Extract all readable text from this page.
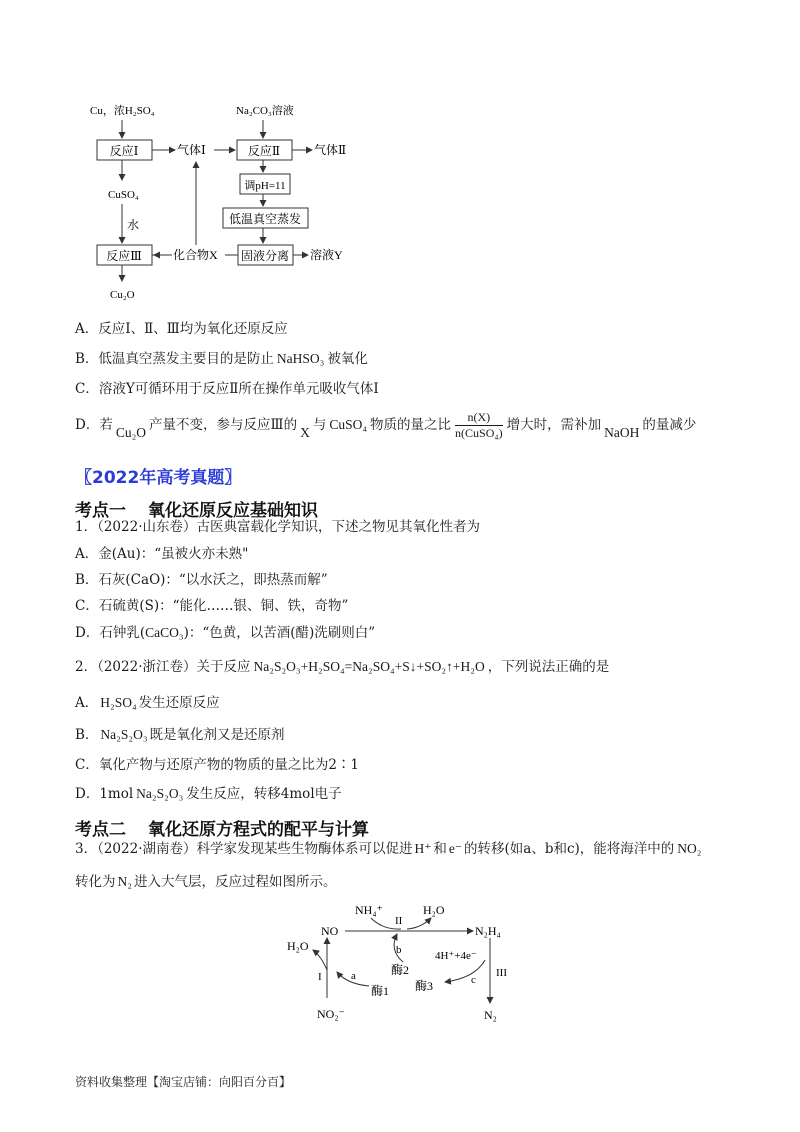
Cu，浓H₂SO₄	Na₂CO₃溶液
反应Ⅰ	气体Ⅰ	反应Ⅱ	气体Ⅱ
调pH=11
低温真空蒸发
CuSO₄
水
反应Ⅲ	固液分离 溶液Y
化合物X
Cu₂O
A．反应Ⅰ、Ⅱ、Ⅲ均为氧化还原反应
B．低温真空蒸发主要目的是防止 NaHSO₃ 被氧化
C．溶液Y可循环用于反应Ⅱ所在操作单元吸收气体Ⅰ
D．若 Cu₂O 产量不变，参与反应Ⅲ的 X 与 CuSO₄ 物质的量之比 $\frac{n(X)}{\text{n(CuSO₄)}}$ 增大时，需补加 NaOH 的量减少
〖2022年高考真题〗
考点一 氧化还原反应基础知识
1．（2022·山东卷）古医典富载化学知识，下述之物见其氧化性者为
A．金(Au)：“虽被火亦未熟"
B．石灰(CaO)：“以水沃之，即热蒸而解”
C．石硫黄(S)：“能化……银、铜、铁，奇物”
D．石钟乳(CaCO₃)：“色黄，以苦酒(醋)洗刷则白”
2．（2022·浙江卷）关于反应 Na₂S₂O₃+H₂SO₄=Na₂SO₄+S↓+SO₂↑+H₂O ，下列说法正确的是
A． H₂SO₄ 发生还原反应
B． Na₂S₂O₃ 既是氧化剂又是还原剂
C．氧化产物与还原产物的物质的量之比为2∶1
D．1mol Na₂S₂O₃ 发生反应，转移4mol电子
考点二 氧化还原方程式的配平与计算
3．（2022·湖南卷）科学家发现某些生物酶体系可以促进 H⁺ 和 e⁻ 的转移(如a、b和c)，能将海洋中的 NO₂
转化为 N₂ 进入大气层，反应过程如图所示。
NH₄⁺	H₂O
NO	N₂H₄
II
H₂O
I
b
酶2
4H⁺+4e⁻
III
c
酶3
a
酶1
NO₂⁻	N₂
资料收集整理【淘宝店铺：向阳百分百】
